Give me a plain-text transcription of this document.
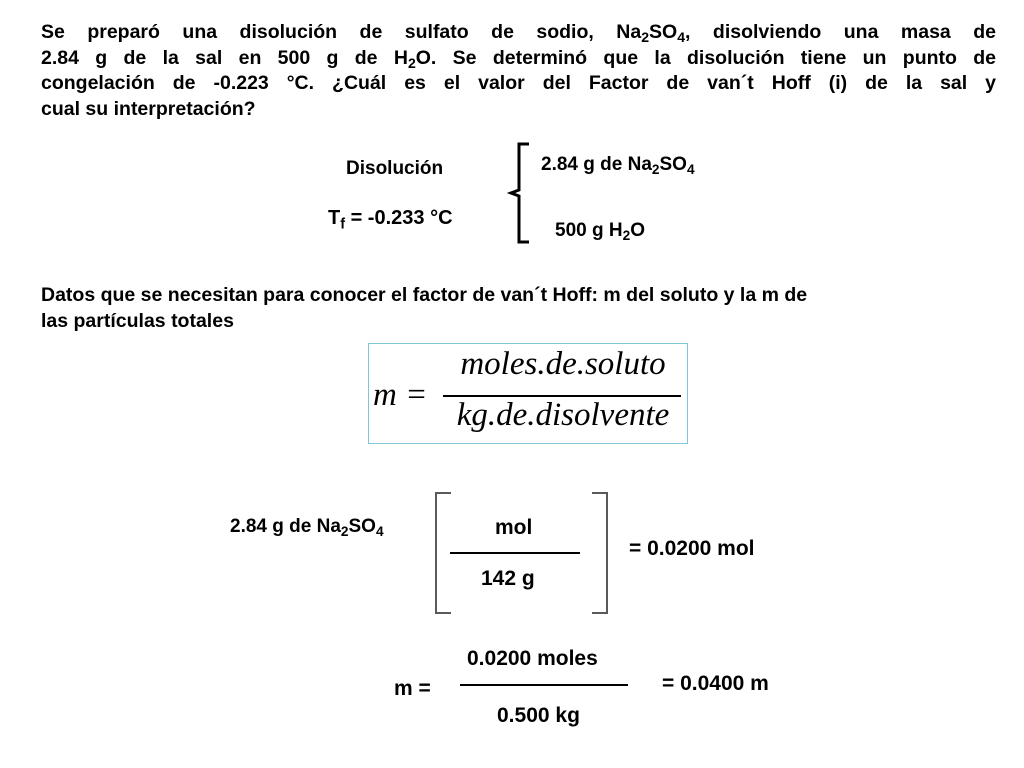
Se preparó una disolución de sulfato de sodio, $Na_2SO_4$, disolviendo una masa de
2.84 g de la sal en 500 g de $H_2O$. Se determinó que la disolución tiene un punto de
congelación de -0.223 °C. ¿Cuál es el valor del Factor de van´t Hoff (i) de la sal y
cual su interpretación?
Disolución
$T_f = -0.233$ °C
2.84 g de $Na_2SO_4$
500 g $H_2O$
Datos que se necesitan para conocer el factor de van´t Hoff: m del soluto y la m de
las partículas totales
m =
moles.de.soluto
kg.de.disolvente
2.84 g de $Na_2SO_4$	mol
142 g
= 0.0200 mol
0.0200 moles
m =
0.500 kg
= 0.0400 m
